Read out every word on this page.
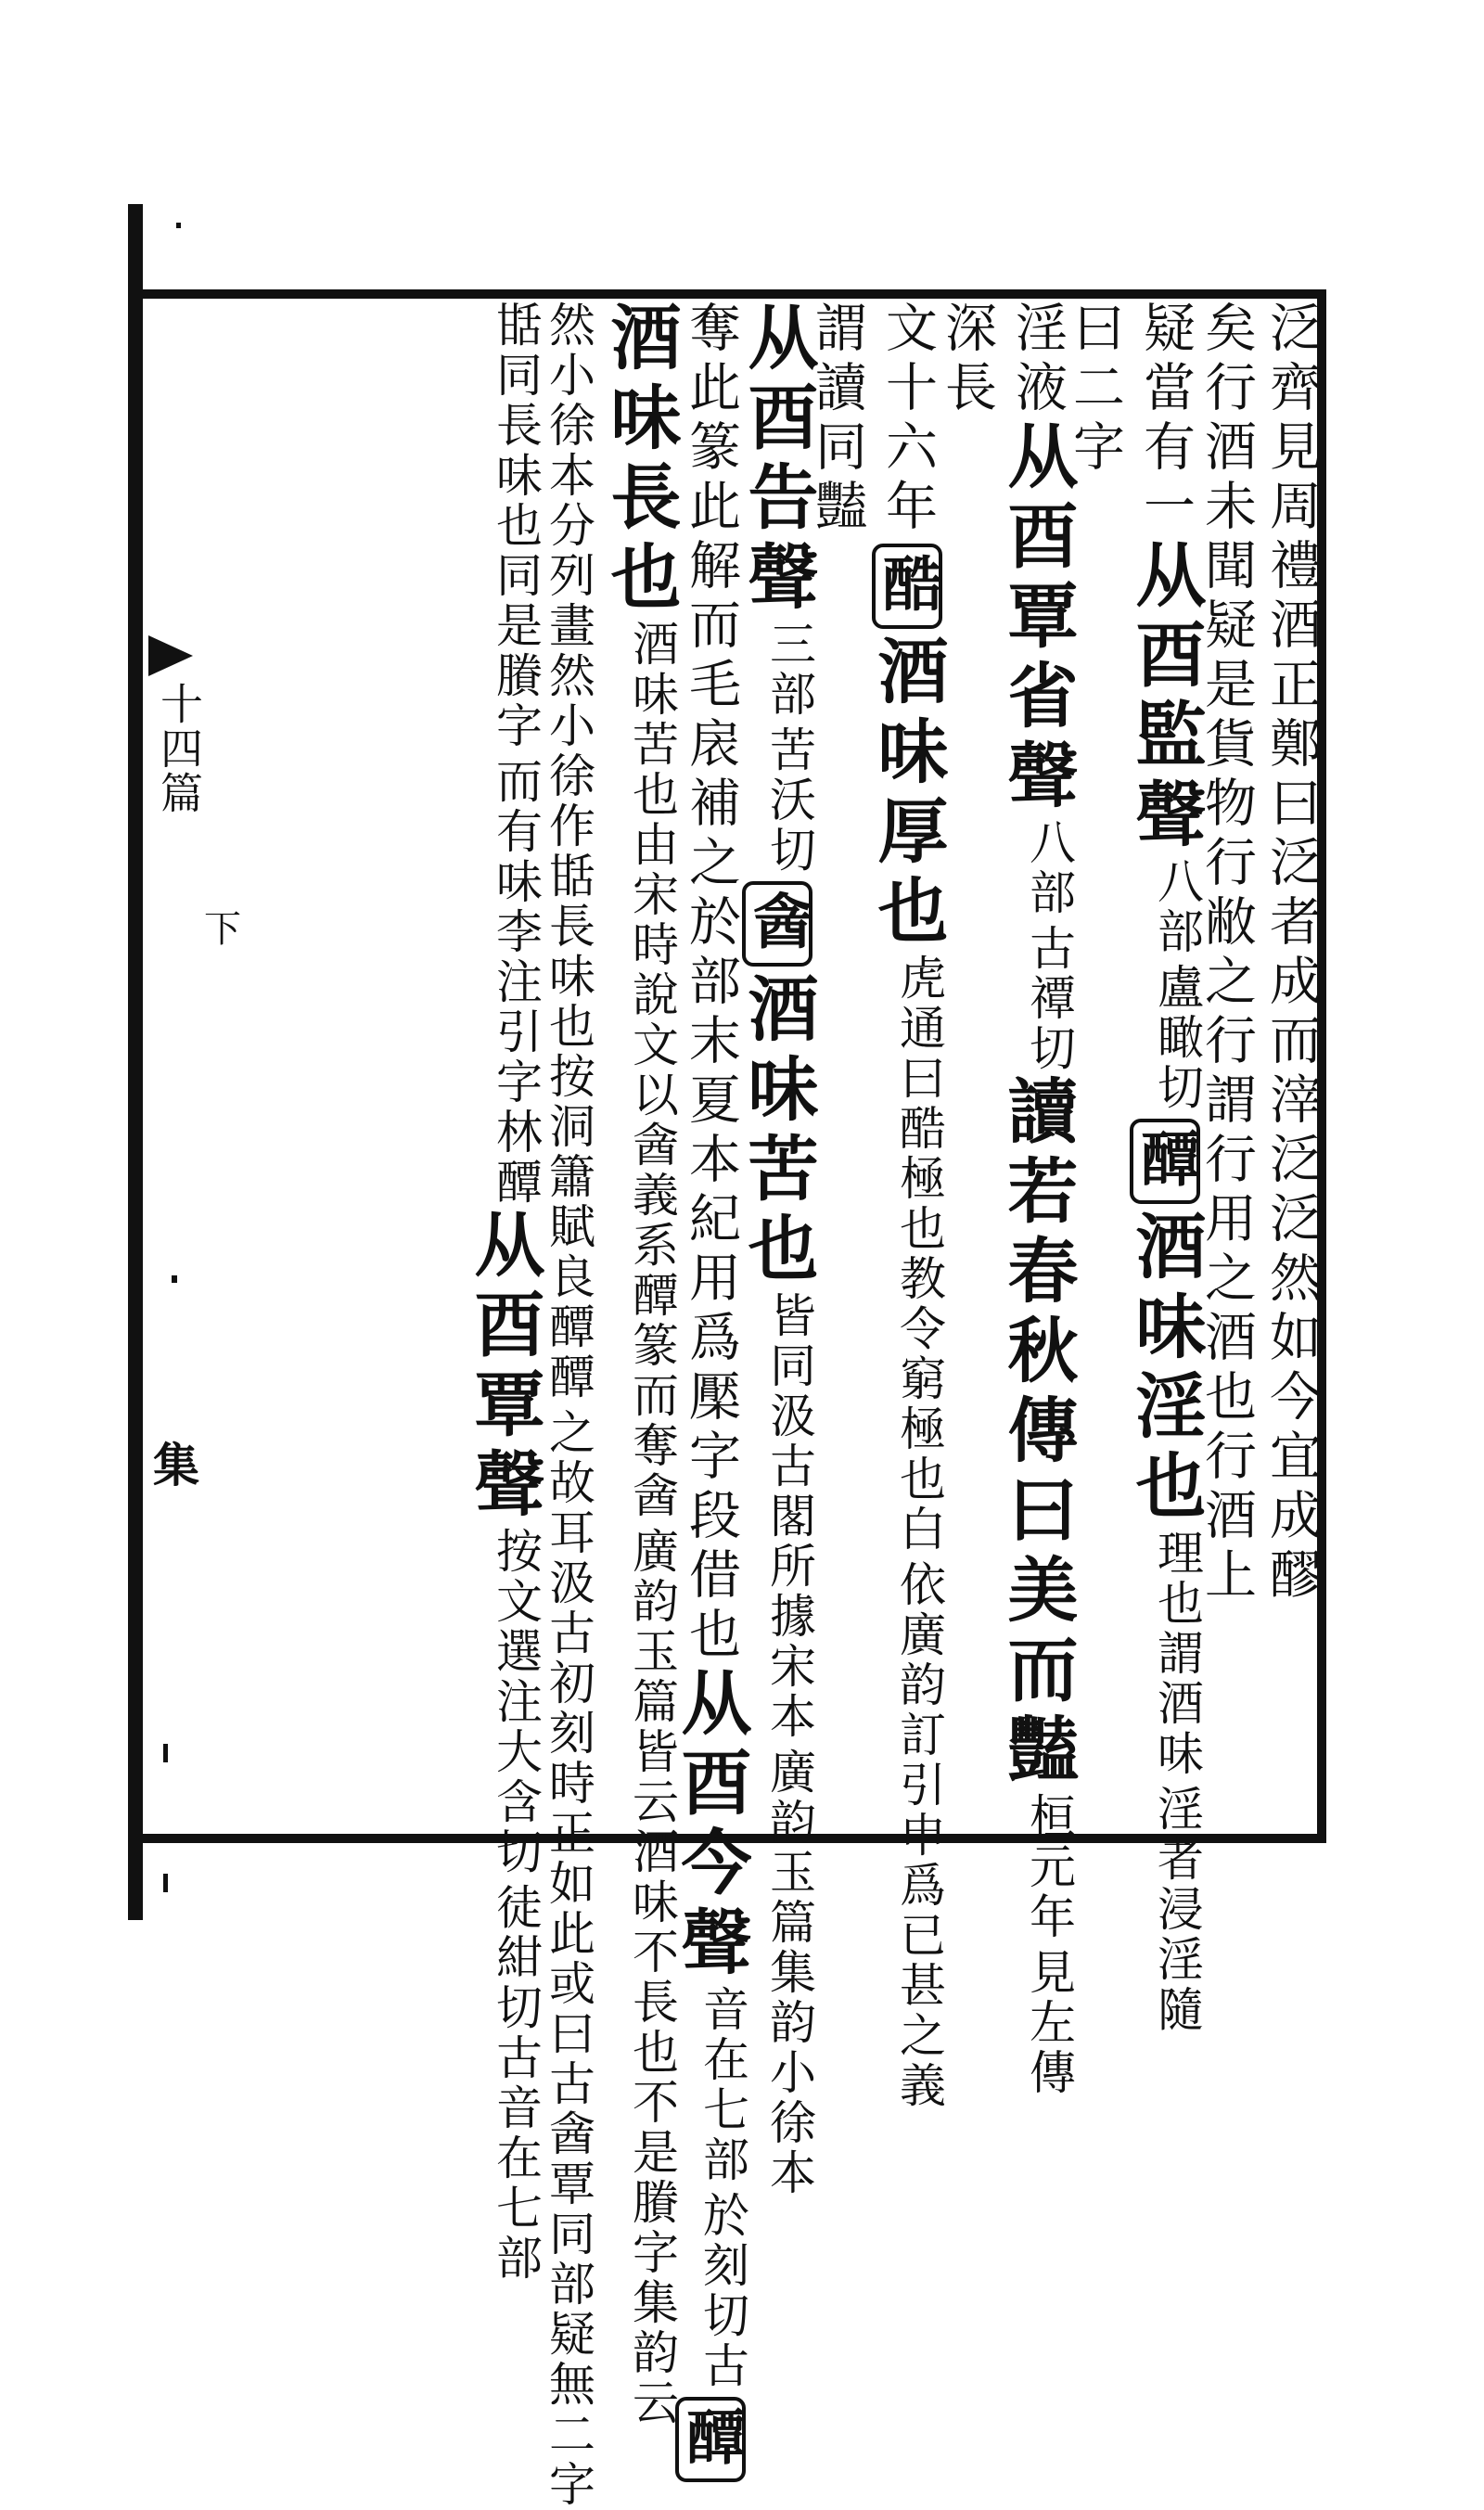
十四篇
下
集	泛齊見周禮酒正鄭曰泛者成而滓泛泛然如今宜成醪
矣行酒未聞疑是貨物行敝之行謂行用之酒也行酒上
疑當有一从酉監聲
盧瞰切
八部
醰酒味淫也
淫者浸淫隨
理也謂酒味
曰二字
淫液从酉覃省聲
古禫切
八部
讀若春秋傳曰美而豔
見左傳
桓元年
深長
文十六年酷酒味厚也
依廣韵訂引申爲已甚之義
虎通曰酷極也教令窮極也白
謂讀同豔
从酉告聲
苦沃切
三部
酓酒味苦也
廣韵玉篇集韵小徐本
皆同汲古閣所據宋本
奪此篆此解而毛扆補之於部末夏本紀用爲檿字段借也从酉今聲
於刻切古
音在七部
醰
酒味長也
廣韵玉篇皆云酒味不長也不是賸字集韵云
酒味苦也由宋時說文以酓義系醰篆而奪酓
之故耳汲古初刻時正如此或曰古酓覃同部疑無二字
然小徐本分列畫然小徐作甛長味也按洞簫賦良醰醰
而有味李注引字林醰
甛同長味也同是賸字
从酉覃聲
徒紺切古音在七部
按文選注大含切
